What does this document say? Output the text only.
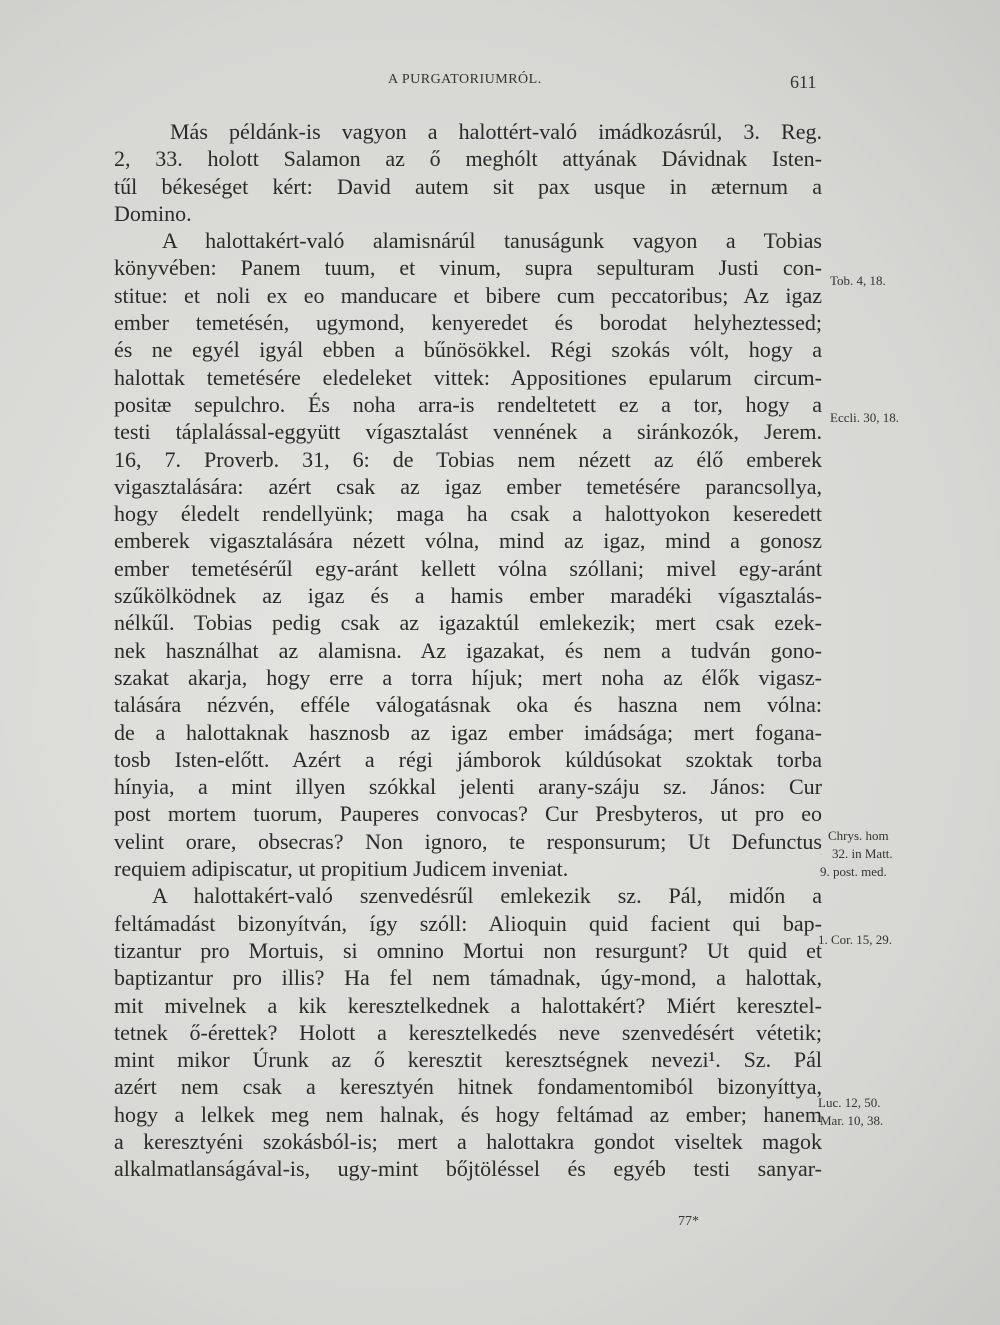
A PURGATORIUMRÓL.	611
Más példánk-is vagyon a halottért-való imádkozásrúl, 3. Reg.
2, 33. holott Salamon az ő meghólt attyának Dávidnak Isten-
tűl békeséget kért: David autem sit pax usque in æternum a
Domino.
A halottakért-való alamisnárúl tanuságunk vagyon a Tobias
könyvében: Panem tuum, et vinum, supra sepulturam Justi con-
stitue: et noli ex eo manducare et bibere cum peccatoribus; Az igaz
ember temetésén, ugymond, kenyeredet és borodat helyheztessed;
és ne egyél igyál ebben a bűnösökkel. Régi szokás vólt, hogy a
halottak temetésére eledeleket vittek: Appositiones epularum circum-
positæ sepulchro. És noha arra-is rendeltetett ez a tor, hogy a
testi táplalással-eggyütt vígasztalást vennének a siránkozók, Jerem.
16, 7. Proverb. 31, 6: de Tobias nem nézett az élő emberek
vigasztalására: azért csak az igaz ember temetésére parancsollya,
hogy éledelt rendellyünk; maga ha csak a halottyokon keseredett
emberek vigasztalására nézett vólna, mind az igaz, mind a gonosz
ember temetésérűl egy-aránt kellett vólna szóllani; mivel egy-aránt
szűkölködnek az igaz és a hamis ember maradéki vígasztalás-
nélkűl. Tobias pedig csak az igazaktúl emlekezik; mert csak ezek-
nek használhat az alamisna. Az igazakat, és nem a tudván gono-
szakat akarja, hogy erre a torra híjuk; mert noha az élők vigasz-
talására nézvén, efféle válogatásnak oka és haszna nem vólna:
de a halottaknak hasznosb az igaz ember imádsága; mert fogana-
tosb Isten-előtt. Azért a régi jámborok kúldúsokat szoktak torba
hínyia, a mint illyen szókkal jelenti arany-száju sz. János: Cur
post mortem tuorum, Pauperes convocas? Cur Presbyteros, ut pro eo
velint orare, obsecras? Non ignoro, te responsurum; Ut Defunctus
requiem adipiscatur, ut propitium Judicem inveniat.
A halottakért-való szenvedésrűl emlekezik sz. Pál, midőn a
feltámadást bizonyítván, így szóll: Alioquin quid facient qui bap-
tizantur pro Mortuis, si omnino Mortui non resurgunt? Ut quid et
baptizantur pro illis? Ha fel nem támadnak, úgy-mond, a halottak,
mit mivelnek a kik keresztelkednek a halottakért? Miért keresztel-
tetnek ő-érettek? Holott a keresztelkedés neve szenvedésért vétetik;
mint mikor Úrunk az ő keresztit keresztségnek nevezi¹. Sz. Pál
azért nem csak a keresztyén hitnek fondamentomiból bizonyíttya,
hogy a lelkek meg nem halnak, és hogy feltámad az ember; hanem
a keresztyéni szokásból-is; mert a halottakra gondot viseltek magok
alkalmatlanságával-is, ugy-mint bőjtöléssel és egyéb testi sanyar-
Tob. 4, 18.
Eccli. 30, 18.
Chrys. hom
32. in Matt.
9. post. med.
1. Cor. 15, 29.
Luc. 12, 50.
Mar. 10, 38.
77*
